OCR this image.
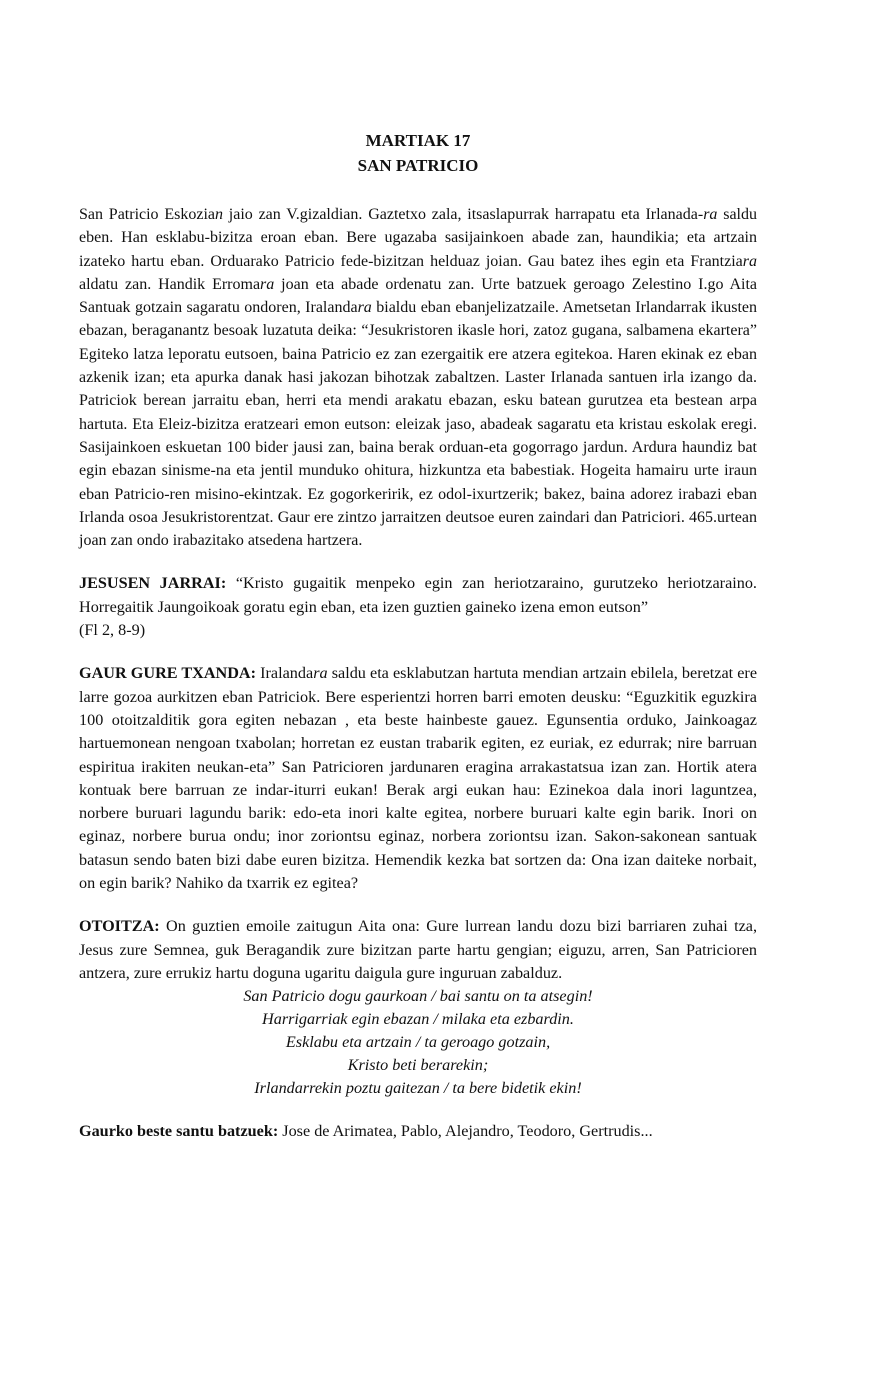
MARTIAK 17

SAN PATRICIO

San Patricio Eskozian jaio zan V.gizaldian. Gaztetxo zala, itsaslapurrak harrapatu eta Irlanada-ra saldu eben. Han esklabu-bizitza eroan eban. Bere ugazaba sasijainkoen abade zan, haundikia; eta artzain izateko hartu eban. Orduarako Patricio fede-bizitzan helduaz joian. Gau batez ihes egin eta Frantziara aldatu zan. Handik Erromara joan eta abade ordenatu zan. Urte batzuek geroago Zelestino I.go Aita Santuak gotzain sagaratu ondoren, Iralandara bialdu eban ebanjelizatzaile. Ametsetan Irlandarrak ikusten ebazan, beraganantz besoak luzatuta deika: “Jesukristoren ikasle hori, zatoz gugana, salbamena ekartera” Egiteko latza leporatu eutsoen, baina Patricio ez zan ezergaitik ere atzera egitekoa. Haren ekinak ez eban azkenik izan; eta apurka danak hasi jakozan bihotzak zabaltzen. Laster Irlanada santuen irla izango da. Patriciok berean jarraitu eban, herri eta mendi arakatu ebazan, esku batean gurutzea eta bestean arpa hartuta. Eta Eleiz-bizitza eratzeari emon eutson: eleizak jaso, abadeak sagaratu eta kristau eskolak eregi. Sasijainkoen eskuetan 100 bider jausi zan, baina berak orduan-eta gogorrago jardun. Ardura haundiz bat egin ebazan sinisme-na eta jentil munduko ohitura, hizkuntza eta babestiak. Hogeita hamairu urte iraun eban Patricio-ren misino-ekintzak. Ez gogorkeririk, ez odol-ixurtzerik; bakez, baina adorez irabazi eban Irlanda osoa Jesukristorentzat. Gaur ere zintzo jarraitzen deutsoe euren zaindari dan Patriciori. 465.urtean joan zan ondo irabazitako atsedena hartzera.

JESUSEN JARRAI: “Kristo gugaitik menpeko egin zan heriotzaraino, gurutzeko heriotzaraino. Horregaitik Jaungoikoak goratu egin eban, eta izen guztien gaineko izena emon eutson”
(Fl 2, 8-9)

GAUR GURE TXANDA: Iralandara saldu eta esklabutzan hartuta mendian artzain ebilela, beretzat ere larre gozoa aurkitzen eban Patriciok. Bere esperientzi horren barri emoten deusku: “Eguzkitik eguzkira 100 otoitzalditik gora egiten nebazan , eta beste hainbeste gauez. Egunsentia orduko, Jainkoagaz hartuemonean nengoan txabolan; horretan ez eustan trabarik egiten, ez euriak, ez edurrak; nire barruan espiritua irakiten neukan-eta” San Patricioren jardunaren eragina arrakastatsua izan zan. Hortik atera kontuak bere barruan ze indar-iturri eukan! Berak argi eukan hau: Ezinekoa dala inori laguntzea, norbere buruari lagundu barik: edo-eta inori kalte egitea, norbere buruari kalte egin barik. Inori on eginaz, norbere burua ondu; inor zoriontsu eginaz, norbera zoriontsu izan. Sakon-sakonean santuak batasun sendo baten bizi dabe euren bizitza. Hemendik kezka bat sortzen da: Ona izan daiteke norbait, on egin barik? Nahiko da txarrik ez egitea?

OTOITZA: On guztien emoile zaitugun Aita ona: Gure lurrean landu dozu bizi barriaren zuhai tza, Jesus zure Semnea, guk Beragandik zure bizitzan parte hartu gengian; eiguzu, arren, San Patricioren antzera, zure errukiz hartu doguna ugaritu daigula gure inguruan zabalduz.

San Patricio dogu gaurkoan / bai santu on ta atsegin!
Harrigarriak egin ebazan / milaka eta ezbardin.
Esklabu eta artzain / ta geroago gotzain,
Kristo beti berarekin;
Irlandarrekin poztu gaitezan / ta bere bidetik ekin!

Gaurko beste santu batzuek: Jose de Arimatea, Pablo, Alejandro, Teodoro, Gertrudis...
